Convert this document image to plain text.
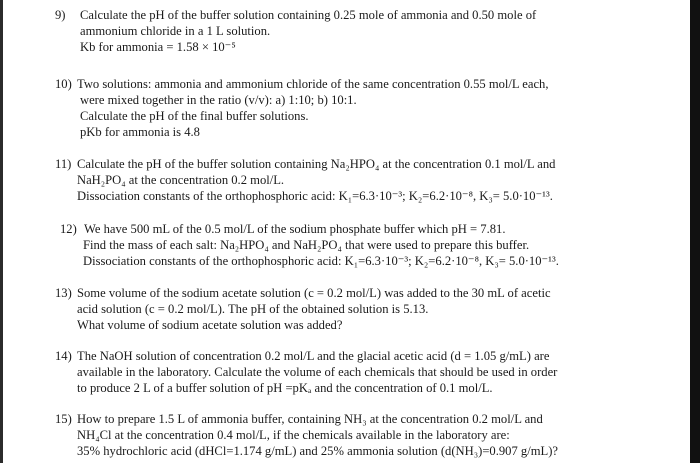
9) Calculate the pH of the buffer solution containing 0.25 mole of ammonia and 0.50 mole of
ammonium chloride in a 1 L solution.
Kb for ammonia = 1.58 × 10⁻⁵
10) Two solutions: ammonia and ammonium chloride of the same concentration 0.55 mol/L each,
were mixed together in the ratio (v/v): a) 1:10; b) 10:1.
Calculate the pH of the final buffer solutions.
pKb for ammonia is 4.8
11) Calculate the pH of the buffer solution containing Na₂HPO₄ at the concentration 0.1 mol/L and
NaH₂PO₄ at the concentration 0.2 mol/L.
Dissociation constants of the orthophosphoric acid: K₁=6.3·10⁻³; K₂=6.2·10⁻⁸, K₃= 5.0·10⁻¹³.
12) We have 500 mL of the 0.5 mol/L of the sodium phosphate buffer which pH = 7.81.
Find the mass of each salt: Na₂HPO₄ and NaH₂PO₄ that were used to prepare this buffer.
Dissociation constants of the orthophosphoric acid: K₁=6.3·10⁻³; K₂=6.2·10⁻⁸, K₃= 5.0·10⁻¹³.
13) Some volume of the sodium acetate solution (c = 0.2 mol/L) was added to the 30 mL of acetic
acid solution (c = 0.2 mol/L). The pH of the obtained solution is 5.13.
What volume of sodium acetate solution was added?
14) The NaOH solution of concentration 0.2 mol/L and the glacial acetic acid (d = 1.05 g/mL) are
available in the laboratory. Calculate the volume of each chemicals that should be used in order
to produce 2 L of a buffer solution of pH =pKₐ and the concentration of 0.1 mol/L.
15) How to prepare 1.5 L of ammonia buffer, containing NH₃ at the concentration 0.2 mol/L and
NH₄Cl at the concentration 0.4 mol/L, if the chemicals available in the laboratory are:
35% hydrochloric acid (dHCl=1.174 g/mL) and 25% ammonia solution (d(NH₃)=0.907 g/mL)?
